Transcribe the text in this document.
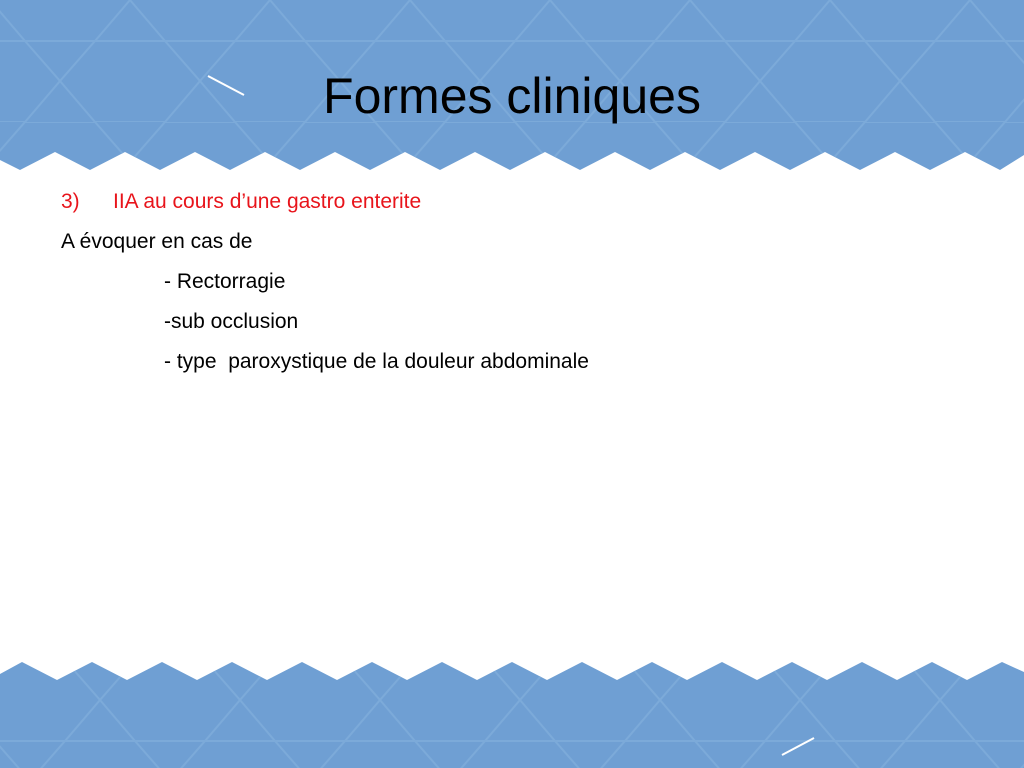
Formes cliniques
3) IIA au cours d’une gastro enterite
A évoquer en cas de
- Rectorragie
-sub occlusion
- type  paroxystique de la douleur abdominale
